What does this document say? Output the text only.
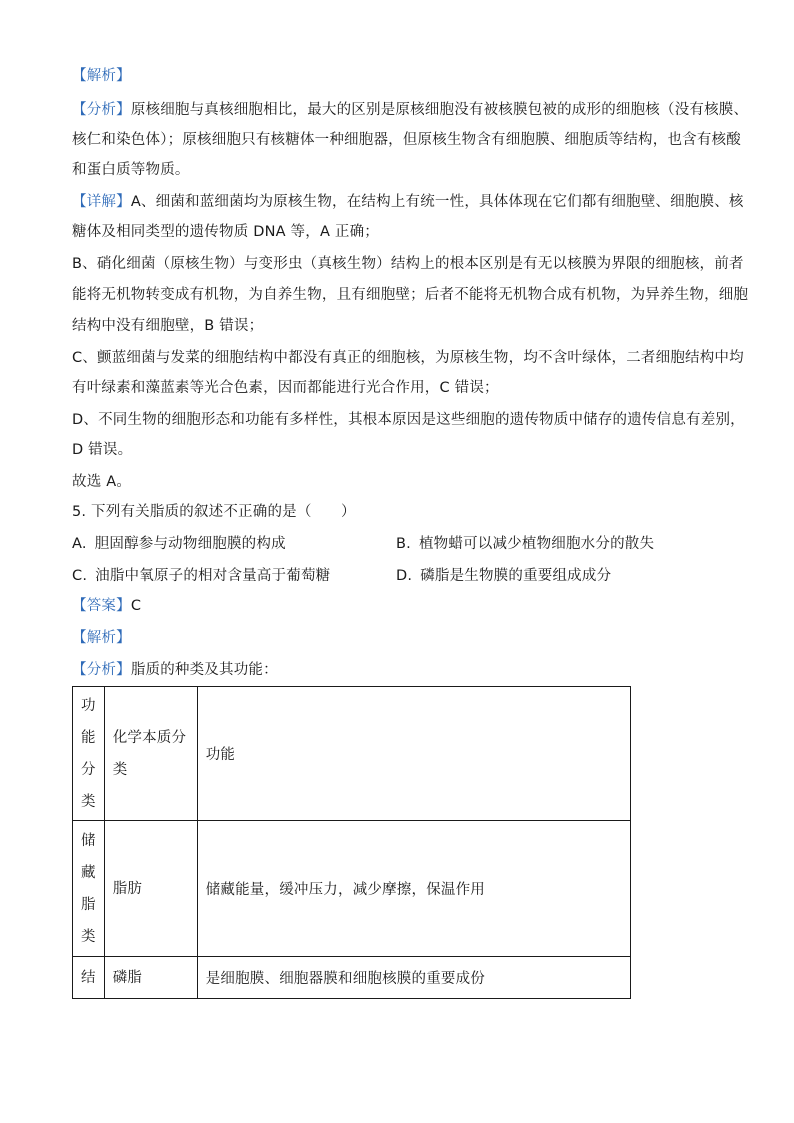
【解析】
【分析】原核细胞与真核细胞相比，最大的区别是原核细胞没有被核膜包被的成形的细胞核（没有核膜、
核仁和染色体）；原核细胞只有核糖体一种细胞器，但原核生物含有细胞膜、细胞质等结构，也含有核酸
和蛋白质等物质。
【详解】A、细菌和蓝细菌均为原核生物，在结构上有统一性，具体体现在它们都有细胞壁、细胞膜、核
糖体及相同类型的遗传物质 DNA 等，A 正确；
B、硝化细菌（原核生物）与变形虫（真核生物）结构上的根本区别是有无以核膜为界限的细胞核，前者
能将无机物转变成有机物，为自养生物，且有细胞壁；后者不能将无机物合成有机物，为异养生物，细胞
结构中没有细胞壁，B 错误；
C、颤蓝细菌与发菜的细胞结构中都没有真正的细胞核，为原核生物，均不含叶绿体，二者细胞结构中均
有叶绿素和藻蓝素等光合色素，因而都能进行光合作用，C 错误；
D、不同生物的细胞形态和功能有多样性，其根本原因是这些细胞的遗传物质中储存的遗传信息有差别，
D 错误。
故选 A。
5. 下列有关脂质的叙述不正确的是（　　）
A. 胆固醇参与动物细胞膜的构成	B. 植物蜡可以减少植物细胞水分的散失
C. 油脂中氧原子的相对含量高于葡萄糖	D. 磷脂是生物膜的重要组成成分
【答案】C
【解析】
【分析】脂质的种类及其功能：
功
能
分
类	化学本质分类	功能

储
藏
脂
类	脂肪	储藏能量，缓冲压力，减少摩擦，保温作用

结	磷脂	是细胞膜、细胞器膜和细胞核膜的重要成份
